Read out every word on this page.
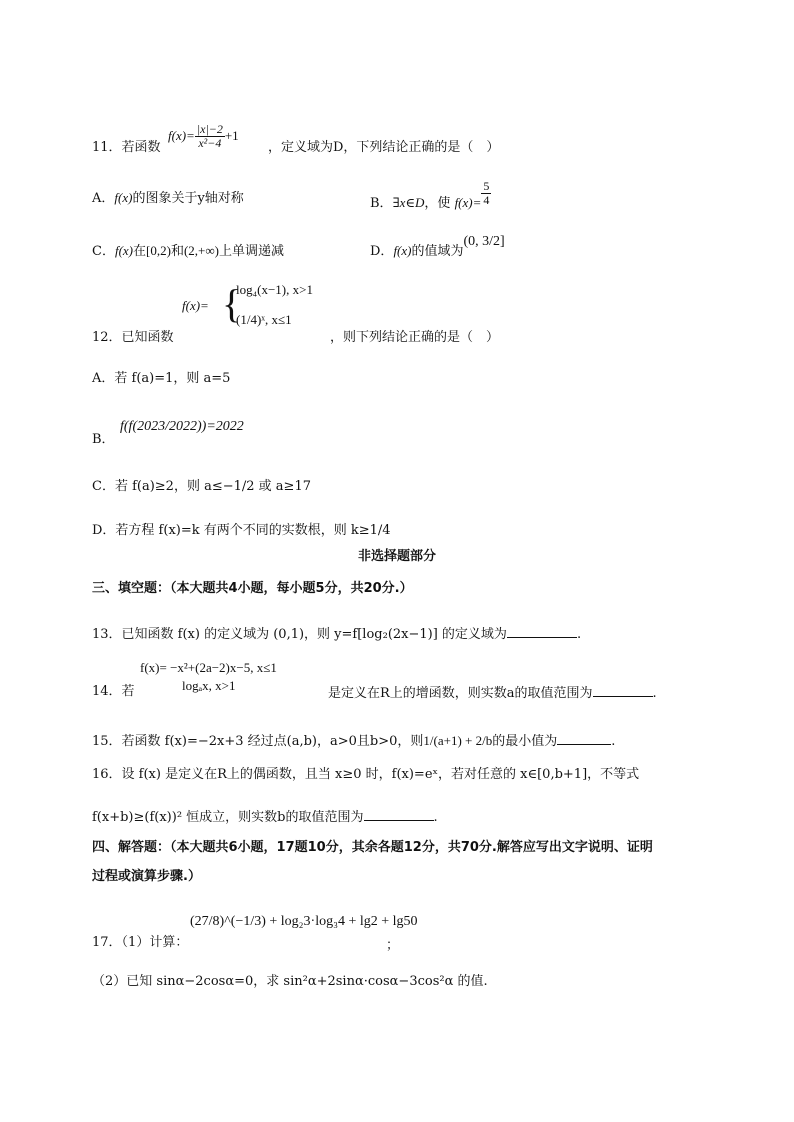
11．若函数
$f(x)= \frac{|x|-2}{\text{x²−4}} +1$
，定义域为D，下列结论正确的是（　）
A．f(x)的图象关于y轴对称	B．∃x∈D，使 $f(x)= \frac{5}{4}$
C．f(x)在[0,2)和(2,+∞)上单调递减	D．f(x)的值域为(0, 3/2]
f(x)= {
log₄(x−1), x>1
(1/4)ˣ, x≤1
12．已知函数	，则下列结论正确的是（　）
A．若 f(a)=1，则 a=5
f(f(2023/2022))=2022
B．
C．若 f(a)≥2，则 a≤−1/2 或 a≥17
D．若方程 f(x)=k 有两个不同的实数根，则 k≥1/4
非选择题部分
三、填空题：（本大题共4小题，每小题5分，共20分.）
13．已知函数 f(x) 的定义域为 (0,1)，则 y=f[log₂(2x−1)] 的定义域为	.
f(x)= −x²+(2a−2)x−5, x≤1
logₐx, x>1
14．若	是定义在R上的增函数，则实数a的取值范围为	.
15．若函数 f(x)=−2x+3 经过点(a,b)，a>0且b>0，则1/(a+1) + 2/b的最小值为	.
16．设 f(x) 是定义在R上的偶函数，且当 x≥0 时，f(x)=eˣ，若对任意的 x∈[0,b+1]，不等式
f(x+b)≥(f(x))² 恒成立，则实数b的取值范围为	.
四、解答题：（本大题共6小题，17题10分，其余各题12分，共70分.解答应写出文字说明、证明
过程或演算步骤.）
(27/8)^(−1/3) + log₂3·log₃4 + lg2 + lg50
17．（1）计算：	；
（2）已知 sinα−2cosα=0，求 sin²α+2sinα·cosα−3cos²α 的值.
